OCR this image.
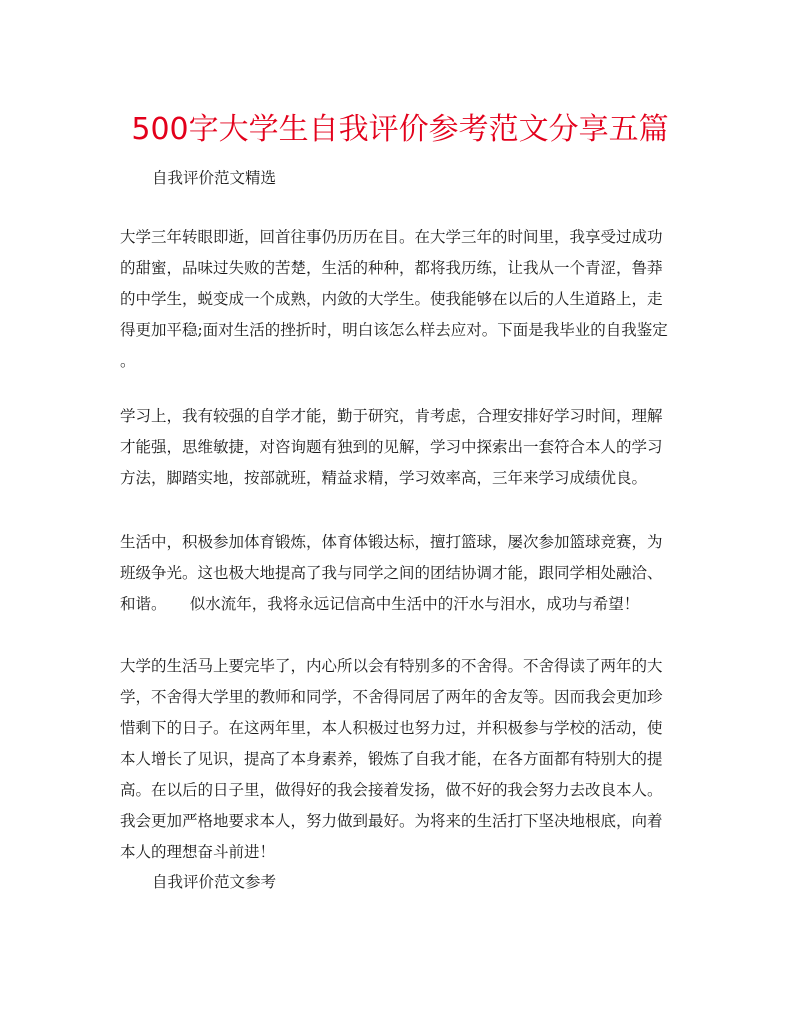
500字大学生自我评价参考范文分享五篇
自我评价范文精选
大学三年转眼即逝，回首往事仍历历在目。在大学三年的时间里，我享受过成功
的甜蜜，品味过失败的苦楚，生活的种种，都将我历练，让我从一个青涩，鲁莽
的中学生，蜕变成一个成熟，内敛的大学生。使我能够在以后的人生道路上，走
得更加平稳;面对生活的挫折时，明白该怎么样去应对。下面是我毕业的自我鉴定
。
学习上，我有较强的自学才能，勤于研究，肯考虑，合理安排好学习时间，理解
才能强，思维敏捷，对咨询题有独到的见解，学习中探索出一套符合本人的学习
方法，脚踏实地，按部就班，精益求精，学习效率高，三年来学习成绩优良。
生活中，积极参加体育锻炼，体育体锻达标，擅打篮球，屡次参加篮球竞赛，为
班级争光。这也极大地提高了我与同学之间的团结协调才能，跟同学相处融洽、
和谐。　　似水流年，我将永远记信高中生活中的汗水与泪水，成功与希望！
大学的生活马上要完毕了，内心所以会有特别多的不舍得。不舍得读了两年的大
学，不舍得大学里的教师和同学，不舍得同居了两年的舍友等。因而我会更加珍
惜剩下的日子。在这两年里，本人积极过也努力过，并积极参与学校的活动，使
本人增长了见识，提高了本身素养，锻炼了自我才能，在各方面都有特别大的提
高。在以后的日子里，做得好的我会接着发扬，做不好的我会努力去改良本人。
我会更加严格地要求本人，努力做到最好。为将来的生活打下坚决地根底，向着
本人的理想奋斗前进！
自我评价范文参考
